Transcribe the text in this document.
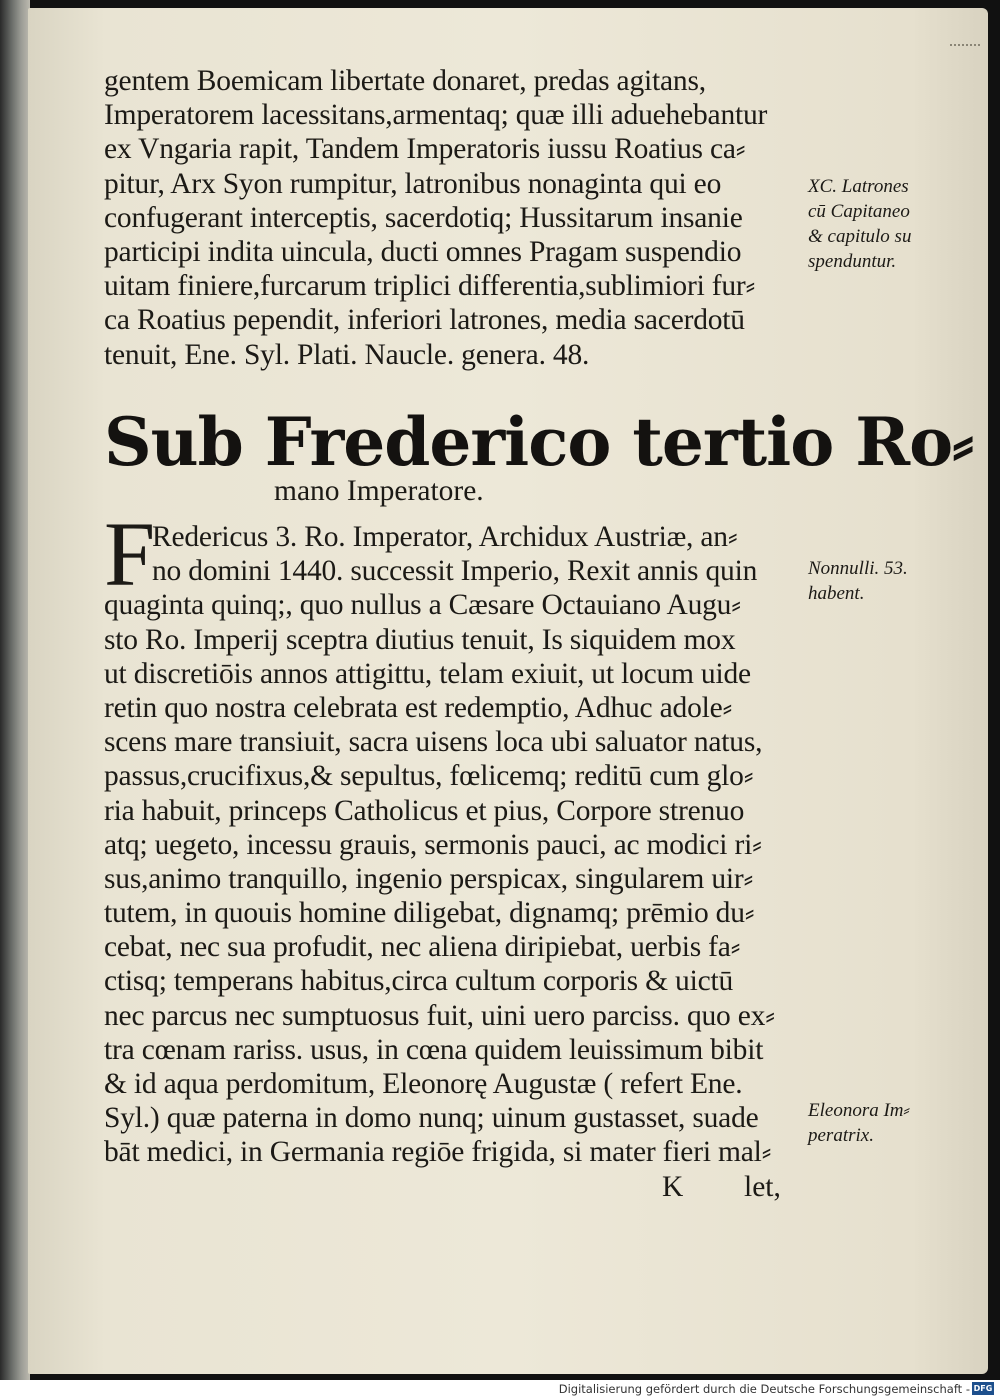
gentem Boemicam libertate donaret, predas agitans,
Imperatorem lacessitans,armentaq; quæ illi aduehebantur
ex Vngaria rapit, Tandem Imperatoris iussu Roatius ca⸗
pitur, Arx Syon rumpitur, latronibus nonaginta qui eo
confugerant interceptis, sacerdotiq; Hussitarum insanie
participi indita uincula, ducti omnes Pragam suspendio
uitam finiere,furcarum triplici differentia,sublimiori fur⸗
ca Roatius pependit, inferiori latrones, media sacerdotū
tenuit, Ene. Syl. Plati. Naucle. genera. 48.
XC. Latrones
cū Capitaneo
& capitulo su
spenduntur.
Sub Frederico tertio Ro⸗
mano Imperatore.
F
Redericus 3. Ro. Imperator, Archidux Austriæ, an⸗
no domini 1440. successit Imperio, Rexit annis quin
quaginta quinq;, quo nullus a Cæsare Octauiano Augu⸗
sto Ro. Imperij sceptra diutius tenuit, Is siquidem mox
ut discretiōis annos attigittu, telam exiuit, ut locum uide
retin quo nostra celebrata est redemptio, Adhuc adole⸗
scens mare transiuit, sacra uisens loca ubi saluator natus,
passus,crucifixus,& sepultus, fœlicemq; reditū cum glo⸗
ria habuit, princeps Catholicus et pius, Corpore strenuo
atq; uegeto, incessu grauis, sermonis pauci, ac modici ri⸗
sus,animo tranquillo, ingenio perspicax, singularem uir⸗
tutem, in quouis homine diligebat, dignamq; prēmio du⸗
cebat, nec sua profudit, nec aliena diripiebat, uerbis fa⸗
ctisq; temperans habitus,circa cultum corporis & uictū
nec parcus nec sumptuosus fuit, uini uero parciss. quo ex⸗
tra cœnam rariss. usus, in cœna quidem leuissimum bibit
& id aqua perdomitum, Eleonorę Augustæ ( refert Ene.
Syl.) quæ paterna in domo nunq; uinum gustasset, suade
bāt medici, in Germania regiōe frigida, si mater fieri mal⸗
Nonnulli. 53.
habent.
Eleonora Im⸗
peratrix.
K let,
Digitalisierung gefördert durch die Deutsche Forschungsgemeinschaft - DFG
